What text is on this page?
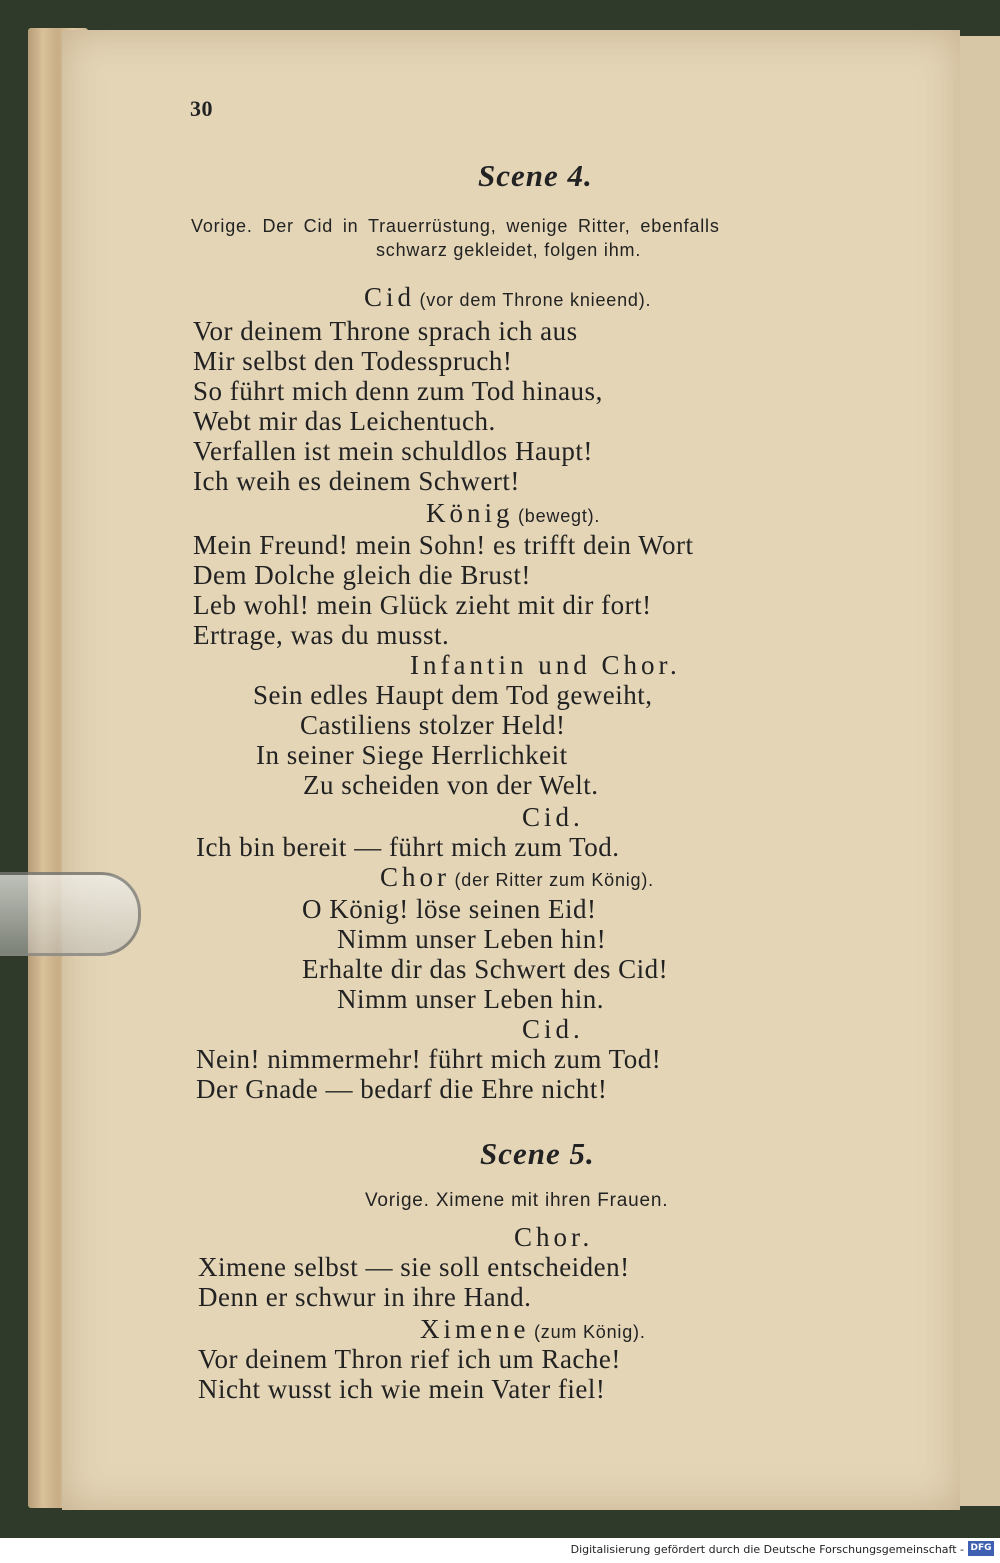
30
Scene 4.
Vorige. Der Cid in Trauerrüstung, wenige Ritter, ebenfalls
schwarz gekleidet, folgen ihm.
Cid (vor dem Throne knieend).
Vor deinem Throne sprach ich aus
Mir selbst den Todesspruch!
So führt mich denn zum Tod hinaus,
Webt mir das Leichentuch.
Verfallen ist mein schuldlos Haupt!
Ich weih es deinem Schwert!
König (bewegt).
Mein Freund! mein Sohn! es trifft dein Wort
Dem Dolche gleich die Brust!
Leb wohl! mein Glück zieht mit dir fort!
Ertrage, was du musst.
Infantin und Chor.
Sein edles Haupt dem Tod geweiht,
Castiliens stolzer Held!
In seiner Siege Herrlichkeit
Zu scheiden von der Welt.
Cid.
Ich bin bereit — führt mich zum Tod.
Chor (der Ritter zum König).
O König! löse seinen Eid!
Nimm unser Leben hin!
Erhalte dir das Schwert des Cid!
Nimm unser Leben hin.
Cid.
Nein! nimmermehr! führt mich zum Tod!
Der Gnade — bedarf die Ehre nicht!
Scene 5.
Vorige. Ximene mit ihren Frauen.
Chor.
Ximene selbst — sie soll entscheiden!
Denn er schwur in ihre Hand.
Ximene (zum König).
Vor deinem Thron rief ich um Rache!
Nicht wusst ich wie mein Vater fiel!
Digitalisierung gefördert durch die Deutsche Forschungsgemeinschaft - DFG
